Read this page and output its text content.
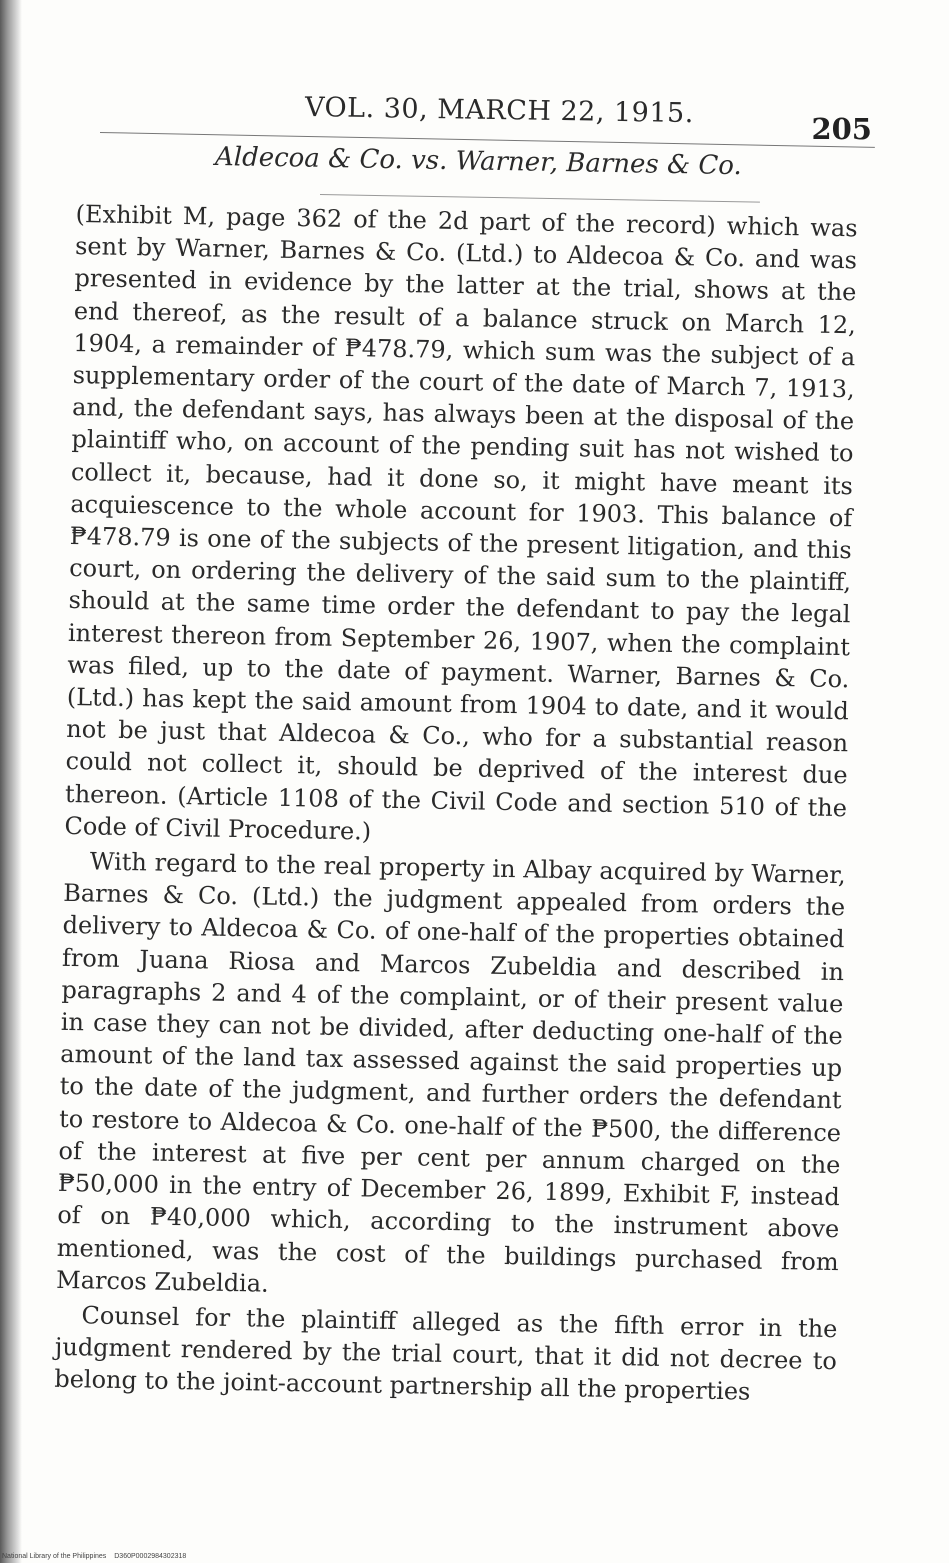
VOL. 30, MARCH 22, 1915.	205
Aldecoa & Co. vs. Warner, Barnes & Co.

(Exhibit M, page 362 of the 2d part of the record) which was sent by Warner, Barnes & Co. (Ltd.) to Aldecoa & Co. and was presented in evidence by the latter at the trial, shows at the end thereof, as the result of a balance struck on March 12, 1904, a remainder of ₱478.79, which sum was the subject of a supplementary order of the court of the date of March 7, 1913, and, the defendant says, has always been at the disposal of the plaintiff who, on account of the pending suit has not wished to collect it, because, had it done so, it might have meant its acquiescence to the whole account for 1903. This balance of ₱478.79 is one of the subjects of the present litigation, and this court, on ordering the delivery of the said sum to the plaintiff, should at the same time order the defendant to pay the legal interest thereon from September 26, 1907, when the complaint was filed, up to the date of payment. Warner, Barnes & Co. (Ltd.) has kept the said amount from 1904 to date, and it would not be just that Aldecoa & Co., who for a substantial reason could not collect it, should be deprived of the interest due thereon. (Article 1108 of the Civil Code and section 510 of the Code of Civil Procedure.)

With regard to the real property in Albay acquired by Warner, Barnes & Co. (Ltd.) the judgment appealed from orders the delivery to Aldecoa & Co. of one-half of the properties obtained from Juana Riosa and Marcos Zubeldia and described in paragraphs 2 and 4 of the complaint, or of their present value in case they can not be divided, after deducting one-half of the amount of the land tax assessed against the said properties up to the date of the judgment, and further orders the defendant to restore to Aldecoa & Co. one-half of the ₱500, the difference of the interest at five per cent per annum charged on the ₱50,000 in the entry of December 26, 1899, Exhibit F, instead of on ₱40,000 which, according to the instrument above mentioned, was the cost of the buildings purchased from Marcos Zubeldia.

Counsel for the plaintiff alleged as the fifth error in the judgment rendered by the trial court, that it did not decree to belong to the joint-account partnership all the properties

National Library of the Philippines D360P0002984302318
